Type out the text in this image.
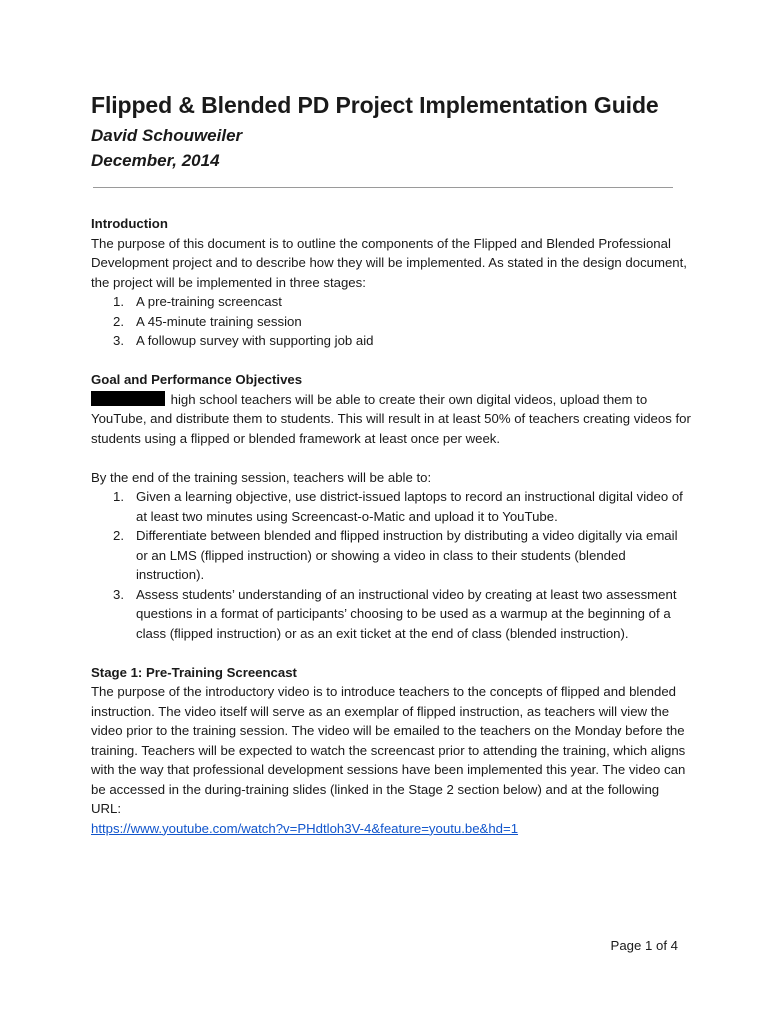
Flipped & Blended PD Project Implementation Guide
David Schouweiler
December, 2014

Introduction

The purpose of this document is to outline the components of the Flipped and Blended Professional Development project and to describe how they will be implemented. As stated in the design document, the project will be implemented in three stages:

1. A pre-training screencast
2. A 45-minute training session
3. A followup survey with supporting job aid

Goal and Performance Objectives

high school teachers will be able to create their own digital videos, upload them to YouTube, and distribute them to students. This will result in at least 50% of teachers creating videos for students using a flipped or blended framework at least once per week.

By the end of the training session, teachers will be able to:

1. Given a learning objective, use district-issued laptops to record an instructional digital video of at least two minutes using Screencast-o-Matic and upload it to YouTube.
2. Differentiate between blended and flipped instruction by distributing a video digitally via email or an LMS (flipped instruction) or showing a video in class to their students (blended instruction).
3. Assess students’ understanding of an instructional video by creating at least two assessment questions in a format of participants’ choosing to be used as a warmup at the beginning of a class (flipped instruction) or as an exit ticket at the end of class (blended instruction).

Stage 1: Pre-Training Screencast

The purpose of the introductory video is to introduce teachers to the concepts of flipped and blended instruction. The video itself will serve as an exemplar of flipped instruction, as teachers will view the video prior to the training session. The video will be emailed to the teachers on the Monday before the training. Teachers will be expected to watch the screencast prior to attending the training, which aligns with the way that professional development sessions have been implemented this year. The video can be accessed in the during-training slides (linked in the Stage 2 section below) and at the following URL:

https://www.youtube.com/watch?v=PHdtloh3V-4&feature=youtu.be&hd=1

Page 1 of 4
